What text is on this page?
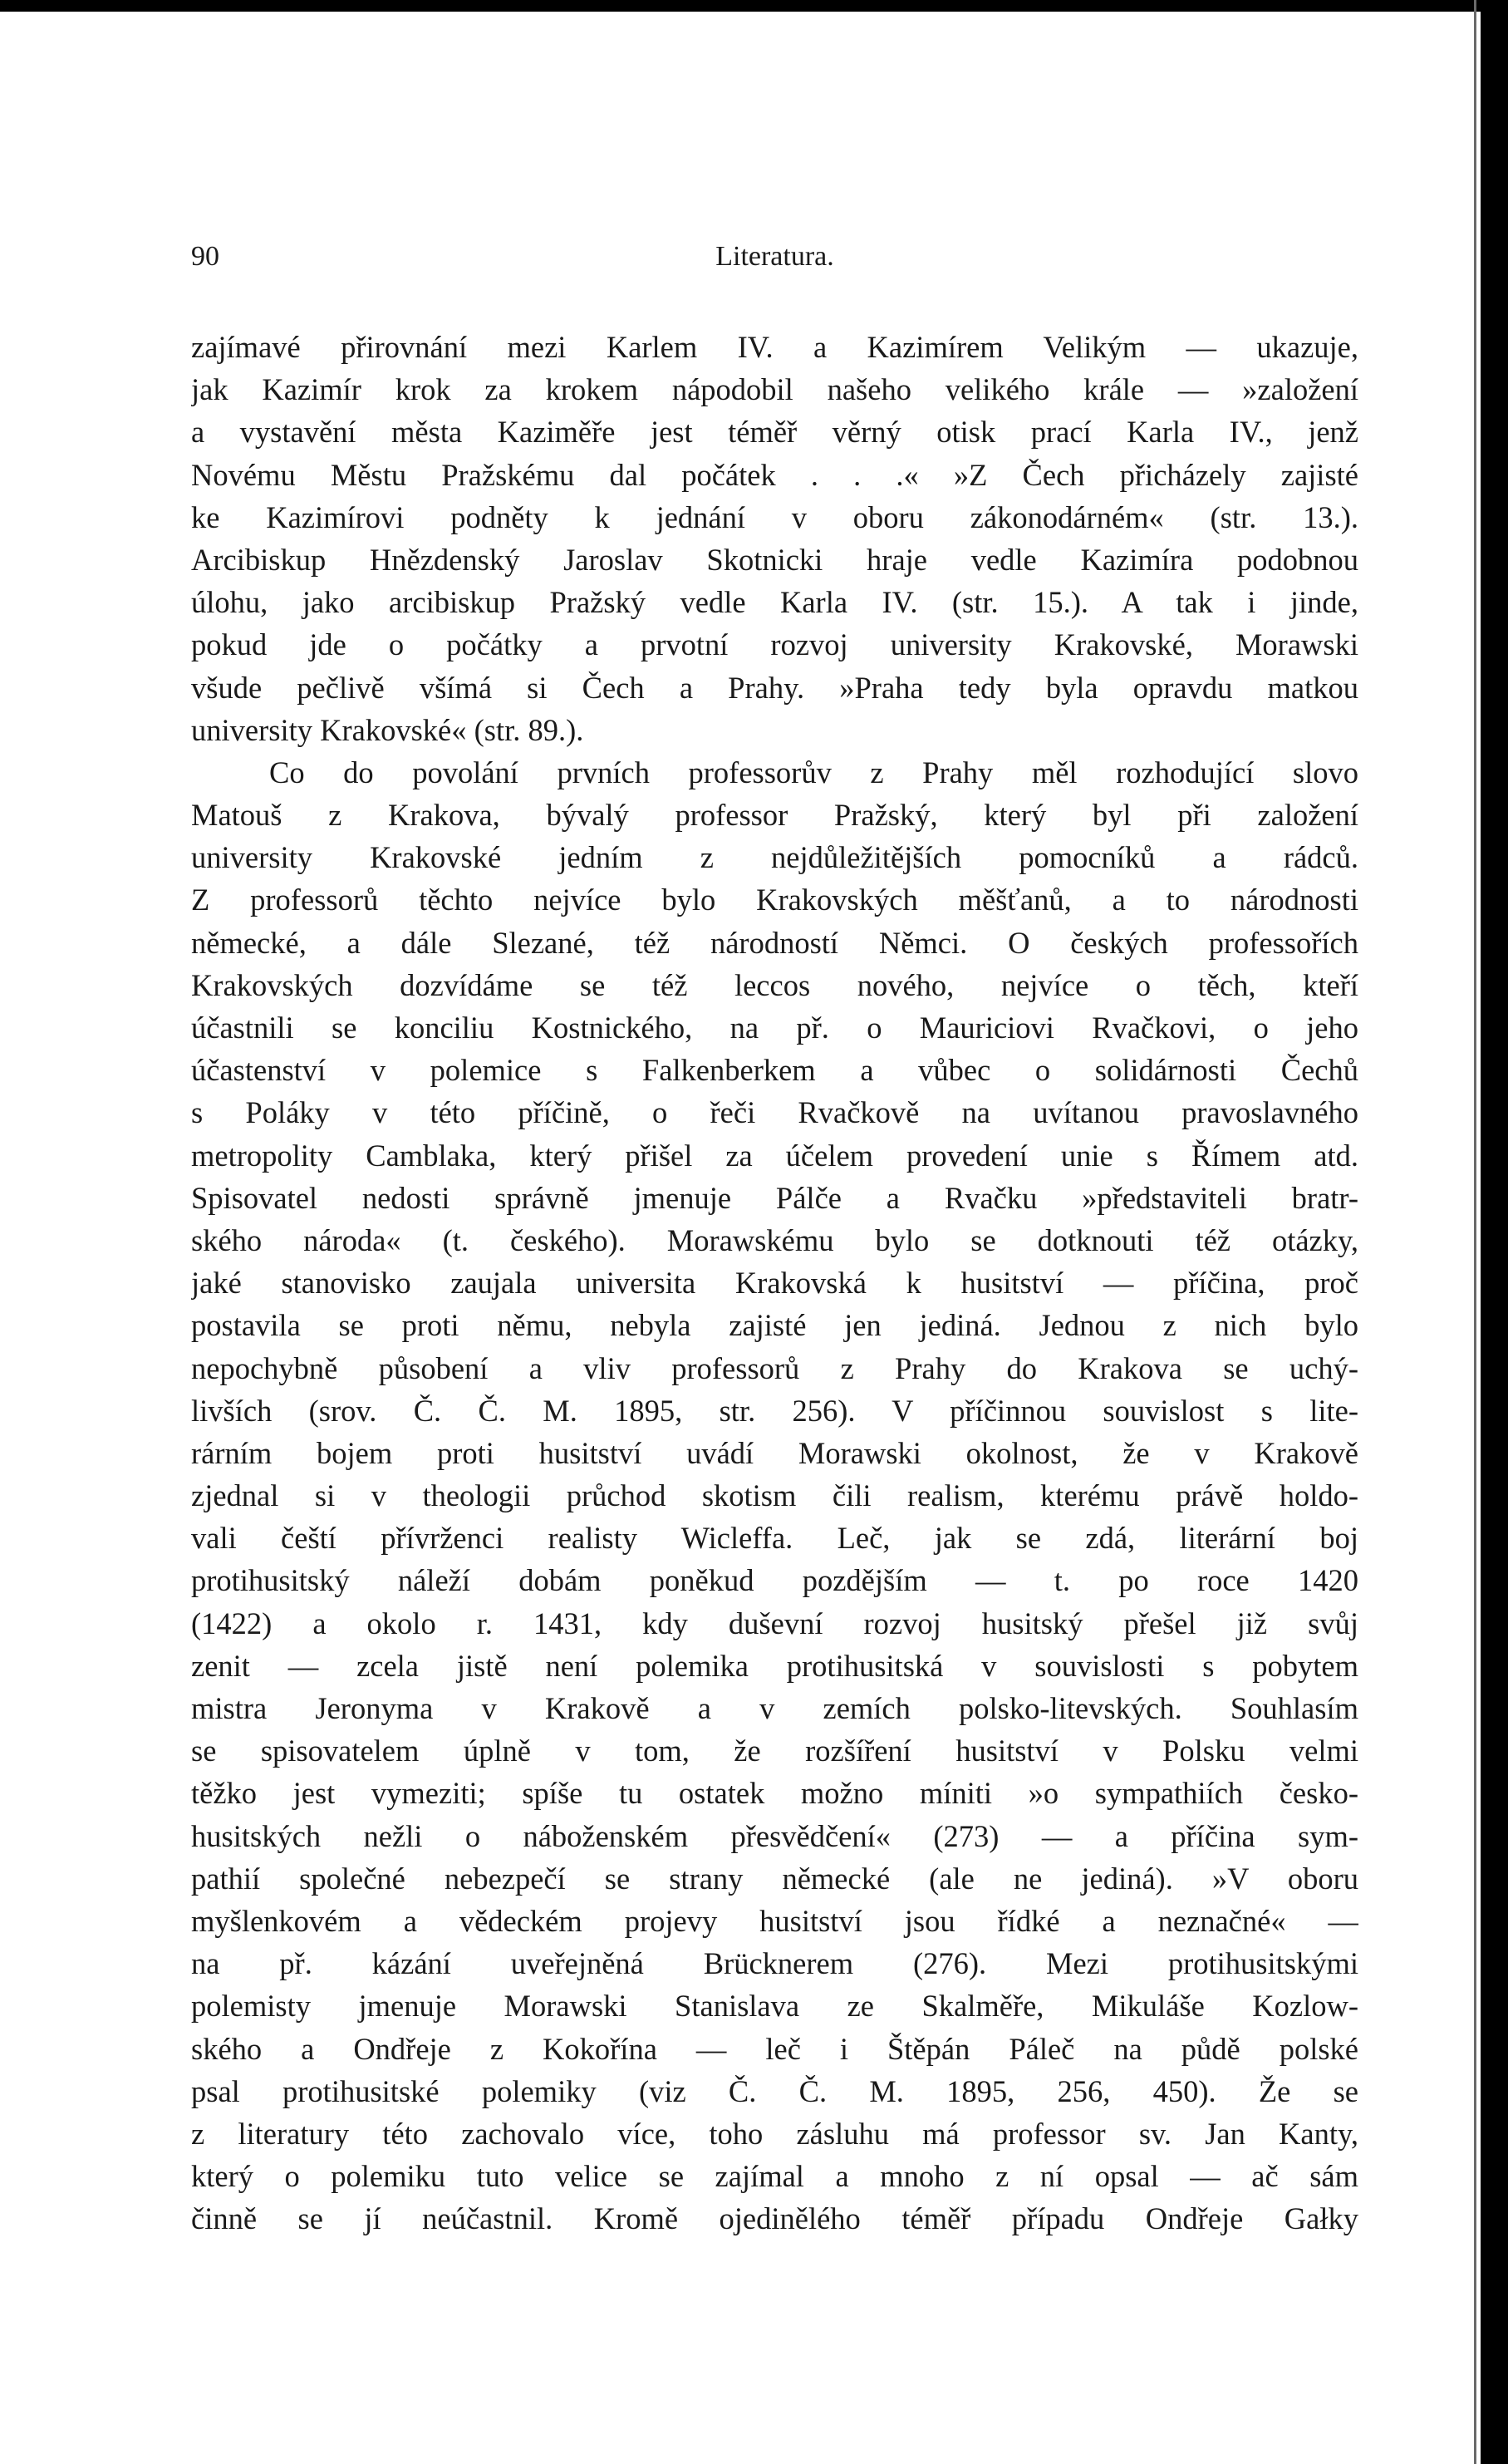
90	Literatura.
zajímavé přirovnání mezi Karlem IV. a Kazimírem Velikým — ukazuje,
jak Kazimír krok za krokem nápodobil našeho velikého krále — »založení
a vystavění města Kaziměře jest téměř věrný otisk prací Karla IV., jenž
Novému Městu Pražskému dal počátek . . .« »Z Čech přicházely zajisté
ke Kazimírovi podněty k jednání v oboru zákonodárném« (str. 13.).
Arcibiskup Hnězdenský Jaroslav Skotnicki hraje vedle Kazimíra podobnou
úlohu, jako arcibiskup Pražský vedle Karla IV. (str. 15.). A tak i jinde,
pokud jde o počátky a prvotní rozvoj university Krakovské, Morawski
všude pečlivě všímá si Čech a Prahy. »Praha tedy byla opravdu matkou
university Krakovské« (str. 89.).
Co do povolání prvních professorův z Prahy měl rozhodující slovo
Matouš z Krakova, bývalý professor Pražský, který byl při založení
university Krakovské jedním z nejdůležitějších pomocníků a rádců.
Z professorů těchto nejvíce bylo Krakovských měšťanů, a to národnosti
německé, a dále Slezané, též národností Němci. O českých professořích
Krakovských dozvídáme se též leccos nového, nejvíce o těch, kteří
účastnili se konciliu Kostnického, na př. o Mauriciovi Rvačkovi, o jeho
účastenství v polemice s Falkenberkem a vůbec o solidárnosti Čechů
s Poláky v této příčině, o řeči Rvačkově na uvítanou pravoslavného
metropolity Camblaka, který přišel za účelem provedení unie s Římem atd.
Spisovatel nedosti správně jmenuje Pálče a Rvačku »představiteli bratr-
ského národa« (t. českého). Morawskému bylo se dotknouti též otázky,
jaké stanovisko zaujala universita Krakovská k husitství — příčina, proč
postavila se proti němu, nebyla zajisté jen jediná. Jednou z nich bylo
nepochybně působení a vliv professorů z Prahy do Krakova se uchý-
livších (srov. Č. Č. M. 1895, str. 256). V příčinnou souvislost s lite-
rárním bojem proti husitství uvádí Morawski okolnost, že v Krakově
zjednal si v theologii průchod skotism čili realism, kterému právě holdo-
vali čeští přívrženci realisty Wicleffa. Leč, jak se zdá, literární boj
protihusitský náleží dobám poněkud pozdějším — t. po roce 1420
(1422) a okolo r. 1431, kdy duševní rozvoj husitský přešel již svůj
zenit — zcela jistě není polemika protihusitská v souvislosti s pobytem
mistra Jeronyma v Krakově a v zemích polsko-litevských. Souhlasím
se spisovatelem úplně v tom, že rozšíření husitství v Polsku velmi
těžko jest vymeziti; spíše tu ostatek možno míniti »o sympathiích česko-
husitských nežli o náboženském přesvědčení« (273) — a příčina sym-
pathií společné nebezpečí se strany německé (ale ne jediná). »V oboru
myšlenkovém a vědeckém projevy husitství jsou řídké a neznačné« —
na př. kázání uveřejněná Brücknerem (276). Mezi protihusitskými
polemisty jmenuje Morawski Stanislava ze Skalměře, Mikuláše Kozlow-
ského a Ondřeje z Kokořína — leč i Štěpán Páleč na půdě polské
psal protihusitské polemiky (viz Č. Č. M. 1895, 256, 450). Že se
z literatury této zachovalo více, toho zásluhu má professor sv. Jan Kanty,
který o polemiku tuto velice se zajímal a mnoho z ní opsal — ač sám
činně se jí neúčastnil. Kromě ojedinělého téměř případu Ondřeje Gałky
